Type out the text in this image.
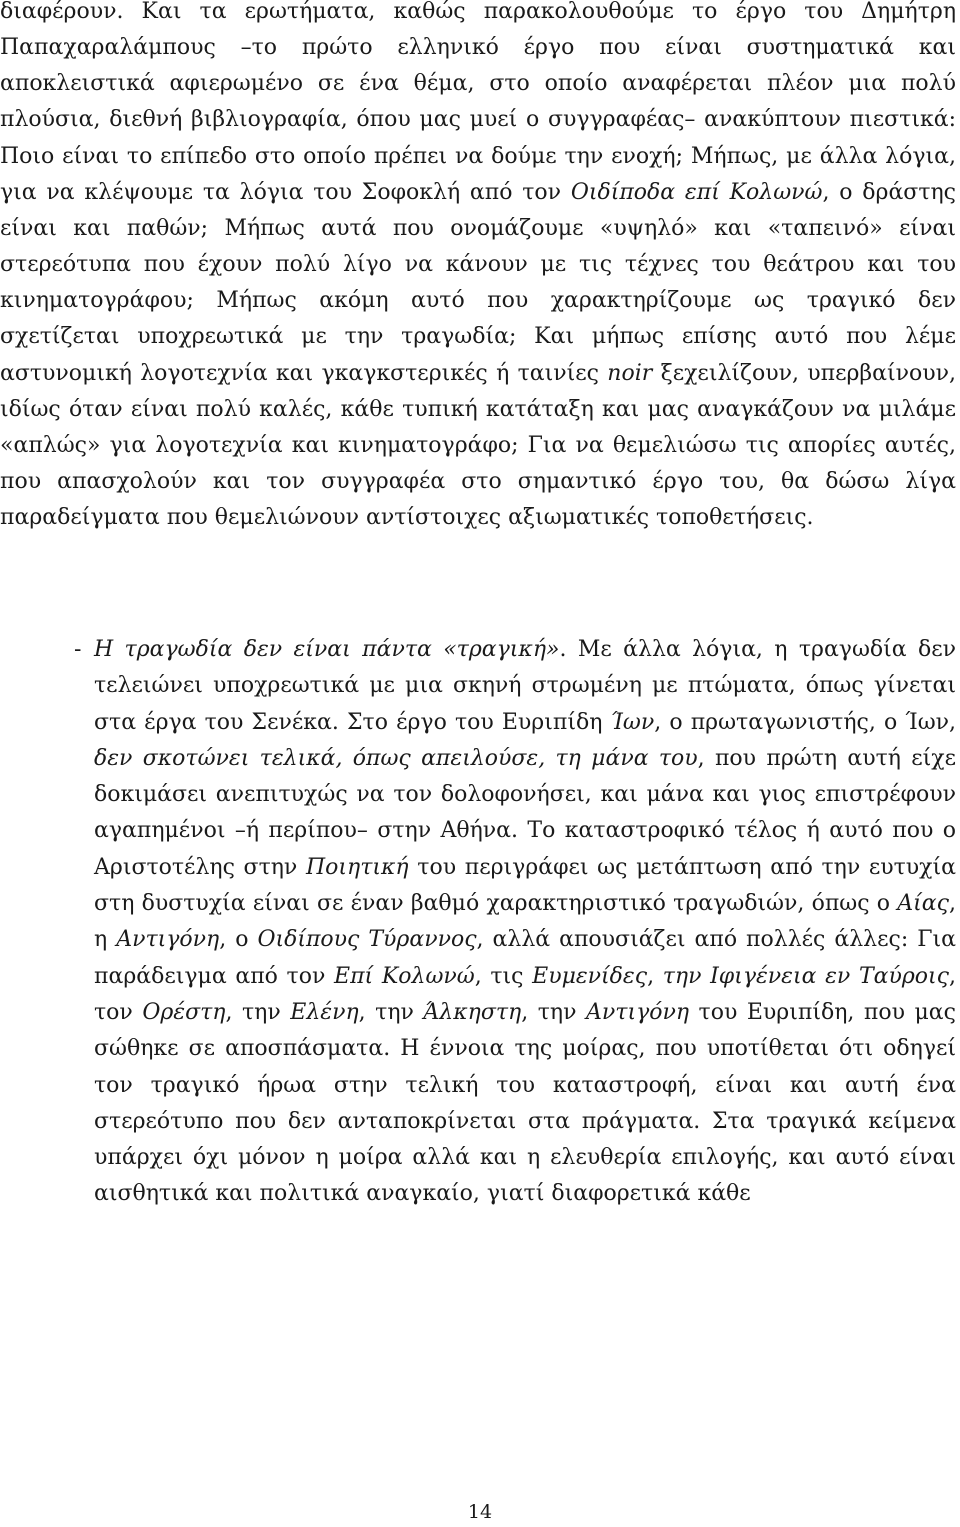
διαφέρουν. Και τα ερωτήματα, καθώς παρακολουθούμε το έργο του Δημήτρη Παπαχαραλάμπους –το πρώτο ελληνικό έργο που είναι συστηματικά και αποκλειστικά αφιερωμένο σε ένα θέμα, στο οποίο αναφέρεται πλέον μια πολύ πλούσια, διεθνή βιβλιογραφία, όπου μας μυεί ο συγγραφέας– ανακύπτουν πιεστικά: Ποιο είναι το επίπεδο στο οποίο πρέπει να δούμε την ενοχή; Μήπως, με άλλα λόγια, για να κλέψουμε τα λόγια του Σοφοκλή από τον Οιδίποδα επί Κολωνώ, ο δράστης είναι και παθών; Μήπως αυτά που ονομάζουμε «υψηλό» και «ταπεινό» είναι στερεότυπα που έχουν πολύ λίγο να κάνουν με τις τέχνες του θεάτρου και του κινηματογράφου; Μήπως ακόμη αυτό που χαρακτηρίζουμε ως τραγικό δεν σχετίζεται υποχρεωτικά με την τραγωδία; Και μήπως επίσης αυτό που λέμε αστυνομική λογοτεχνία και γκαγκστερικές ή ταινίες noir ξεχειλίζουν, υπερβαίνουν, ιδίως όταν είναι πολύ καλές, κάθε τυπική κατάταξη και μας αναγκάζουν να μιλάμε «απλώς» για λογοτεχνία και κινηματογράφο; Για να θεμελιώσω τις απορίες αυτές, που απασχολούν και τον συγγραφέα στο σημαντικό έργο του, θα δώσω λίγα παραδείγματα που θεμελιώνουν αντίστοιχες αξιωματικές τοποθετήσεις.

- Η τραγωδία δεν είναι πάντα «τραγική». Με άλλα λόγια, η τραγωδία δεν τελειώνει υποχρεωτικά με μια σκηνή στρωμένη με πτώματα, όπως γίνεται στα έργα του Σενέκα. Στο έργο του Ευριπίδη Ίων, ο πρωταγωνιστής, ο Ίων, δεν σκοτώνει τελικά, όπως απειλούσε, τη μάνα του, που πρώτη αυτή είχε δοκιμάσει ανεπιτυχώς να τον δολοφονήσει, και μάνα και γιος επιστρέφουν αγαπημένοι –ή περίπου– στην Αθήνα. Το καταστροφικό τέλος ή αυτό που ο Αριστοτέλης στην Ποιητική του περιγράφει ως μετάπτωση από την ευτυχία στη δυστυχία είναι σε έναν βαθμό χαρακτηριστικό τραγωδιών, όπως ο Αίας, η Αντιγόνη, ο Οιδίπους Τύραννος, αλλά απουσιάζει από πολλές άλλες: Για παράδειγμα από τον Επί Κολωνώ, τις Ευμενίδες, την Ιφιγένεια εν Ταύροις, τον Ορέστη, την Ελένη, την Άλκηστη, την Αντιγόνη του Ευριπίδη, που μας σώθηκε σε αποσπάσματα. Η έννοια της μοίρας, που υποτίθεται ότι οδηγεί τον τραγικό ήρωα στην τελική του καταστροφή, είναι και αυτή ένα στερεότυπο που δεν ανταποκρίνεται στα πράγματα. Στα τραγικά κείμενα υπάρχει όχι μόνον η μοίρα αλλά και η ελευθερία επιλογής, και αυτό είναι αισθητικά και πολιτικά αναγκαίο, γιατί διαφορετικά κάθε
14
